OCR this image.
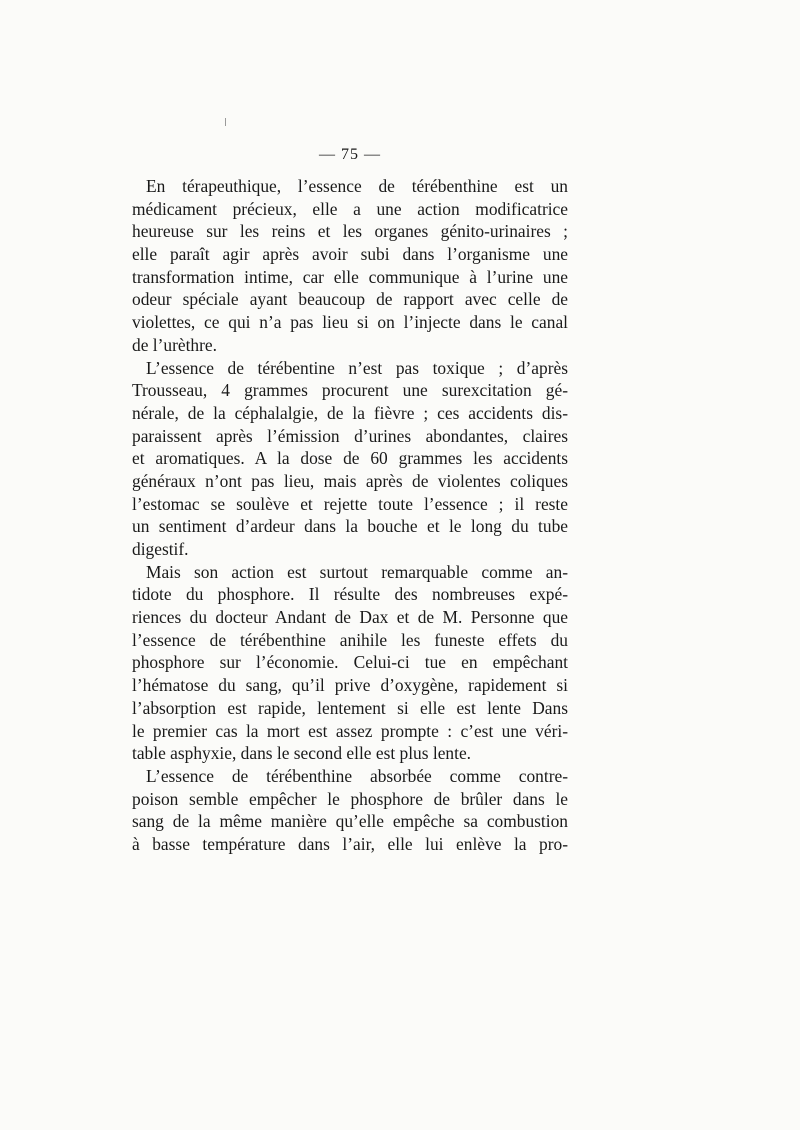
— 75 —
En térapeuthique, l’essence de térébenthine est un
médicament précieux, elle a une action modificatrice
heureuse sur les reins et les organes génito-urinaires ;
elle paraît agir après avoir subi dans l’organisme une
transformation intime, car elle communique à l’urine une
odeur spéciale ayant beaucoup de rapport avec celle de
violettes, ce qui n’a pas lieu si on l’injecte dans le canal
de l’urèthre.
L’essence de térébentine n’est pas toxique ; d’après
Trousseau, 4 grammes procurent une surexcitation gé-
nérale, de la céphalalgie, de la fièvre ; ces accidents dis-
paraissent après l’émission d’urines abondantes, claires
et aromatiques. A la dose de 60 grammes les accidents
généraux n’ont pas lieu, mais après de violentes coliques
l’estomac se soulève et rejette toute l’essence ; il reste
un sentiment d’ardeur dans la bouche et le long du tube
digestif.
Mais son action est surtout remarquable comme an-
tidote du phosphore. Il résulte des nombreuses expé-
riences du docteur Andant de Dax et de M. Personne que
l’essence de térébenthine anihile les funeste effets du
phosphore sur l’économie. Celui-ci tue en empêchant
l’hématose du sang, qu’il prive d’oxygène, rapidement si
l’absorption est rapide, lentement si elle est lente Dans
le premier cas la mort est assez prompte : c’est une véri-
table asphyxie, dans le second elle est plus lente.
L’essence de térébenthine absorbée comme contre-
poison semble empêcher le phosphore de brûler dans le
sang de la même manière qu’elle empêche sa combustion
à basse température dans l’air, elle lui enlève la pro-
